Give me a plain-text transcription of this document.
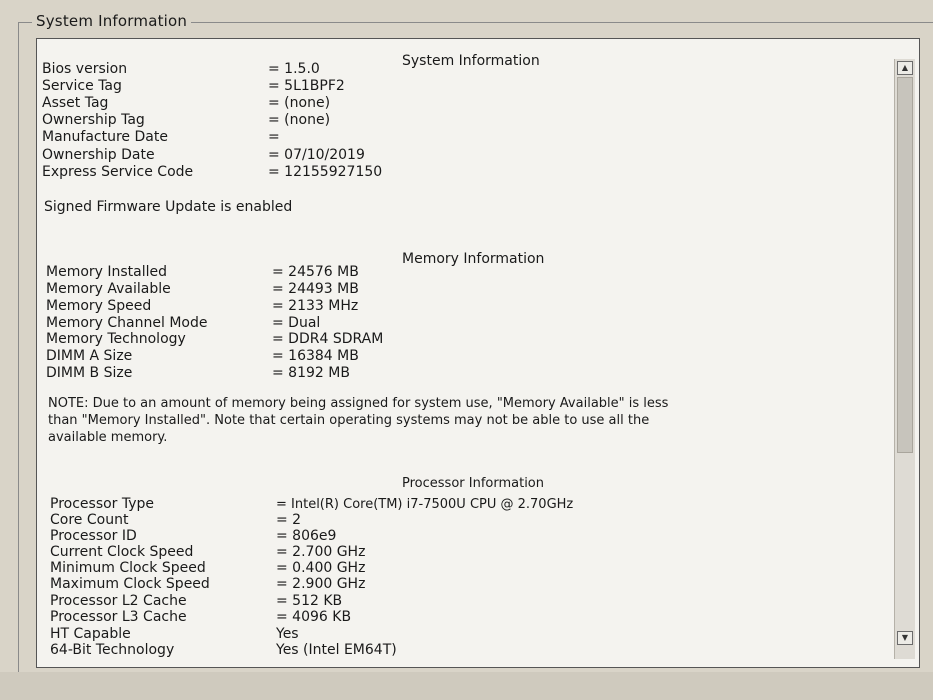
System Information
System Information
Bios version	= 1.5.0
Service Tag	= 5L1BPF2
Asset Tag	= (none)
Ownership Tag	= (none)
Manufacture Date	=
Ownership Date	= 07/10/2019
Express Service Code	= 12155927150
Signed Firmware Update is enabled
Memory Information
Memory Installed	= 24576 MB
Memory Available	= 24493 MB
Memory Speed	= 2133 MHz
Memory Channel Mode	= Dual
Memory Technology	= DDR4 SDRAM
DIMM A Size	= 16384 MB
DIMM B Size	= 8192 MB
NOTE: Due to an amount of memory being assigned for system use, "Memory Available" is less
than "Memory Installed". Note that certain operating systems may not be able to use all the
available memory.
Processor Information
Processor Type	= Intel(R) Core(TM) i7-7500U CPU @ 2.70GHz
Core Count	= 2
Processor ID	= 806e9
Current Clock Speed	= 2.700 GHz
Minimum Clock Speed	= 0.400 GHz
Maximum Clock Speed	= 2.900 GHz
Processor L2 Cache	= 512 KB
Processor L3 Cache	= 4096 KB
HT Capable	Yes
64-Bit Technology	Yes (Intel EM64T)
▲
▼
